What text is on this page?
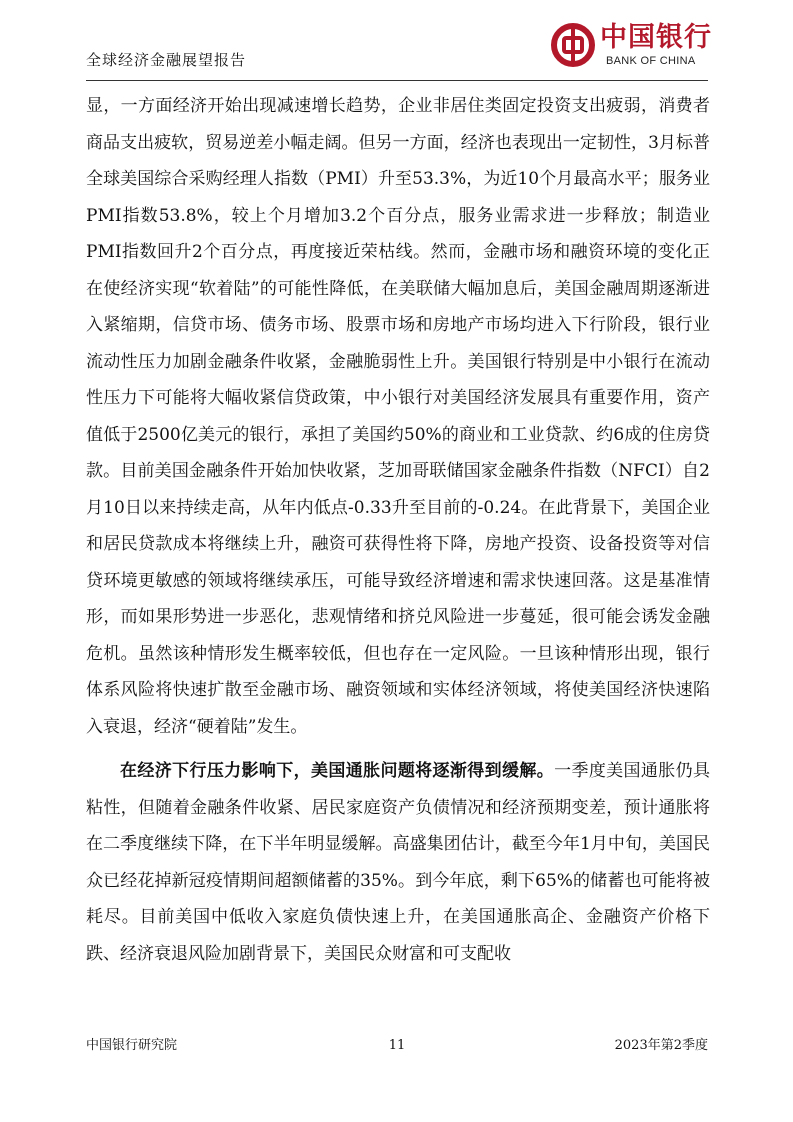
全球经济金融展望报告
中国银行
BANK OF CHINA

显，一方面经济开始出现减速增长趋势，企业非居住类固定投资支出疲弱，消费者商品支出疲软，贸易逆差小幅走阔。但另一方面，经济也表现出一定韧性，3月标普全球美国综合采购经理人指数（PMI）升至53.3%，为近10个月最高水平；服务业PMI指数53.8%，较上个月增加3.2个百分点，服务业需求进一步释放；制造业PMI指数回升2个百分点，再度接近荣枯线。然而，金融市场和融资环境的变化正在使经济实现“软着陆”的可能性降低，在美联储大幅加息后，美国金融周期逐渐进入紧缩期，信贷市场、债务市场、股票市场和房地产市场均进入下行阶段，银行业流动性压力加剧金融条件收紧，金融脆弱性上升。美国银行特别是中小银行在流动性压力下可能将大幅收紧信贷政策，中小银行对美国经济发展具有重要作用，资产值低于2500亿美元的银行，承担了美国约50%的商业和工业贷款、约6成的住房贷款。目前美国金融条件开始加快收紧，芝加哥联储国家金融条件指数（NFCI）自2月10日以来持续走高，从年内低点-0.33升至目前的-0.24。在此背景下，美国企业和居民贷款成本将继续上升，融资可获得性将下降，房地产投资、设备投资等对信贷环境更敏感的领域将继续承压，可能导致经济增速和需求快速回落。这是基准情形，而如果形势进一步恶化，悲观情绪和挤兑风险进一步蔓延，很可能会诱发金融危机。虽然该种情形发生概率较低，但也存在一定风险。一旦该种情形出现，银行体系风险将快速扩散至金融市场、融资领域和实体经济领域，将使美国经济快速陷入衰退，经济“硬着陆”发生。

在经济下行压力影响下，美国通胀问题将逐渐得到缓解。一季度美国通胀仍具粘性，但随着金融条件收紧、居民家庭资产负债情况和经济预期变差，预计通胀将在二季度继续下降，在下半年明显缓解。高盛集团估计，截至今年1月中旬，美国民众已经花掉新冠疫情期间超额储蓄的35%。到今年底，剩下65%的储蓄也可能将被耗尽。目前美国中低收入家庭负债快速上升，在美国通胀高企、金融资产价格下跌、经济衰退风险加剧背景下，美国民众财富和可支配收

中国银行研究院	11	2023年第2季度
